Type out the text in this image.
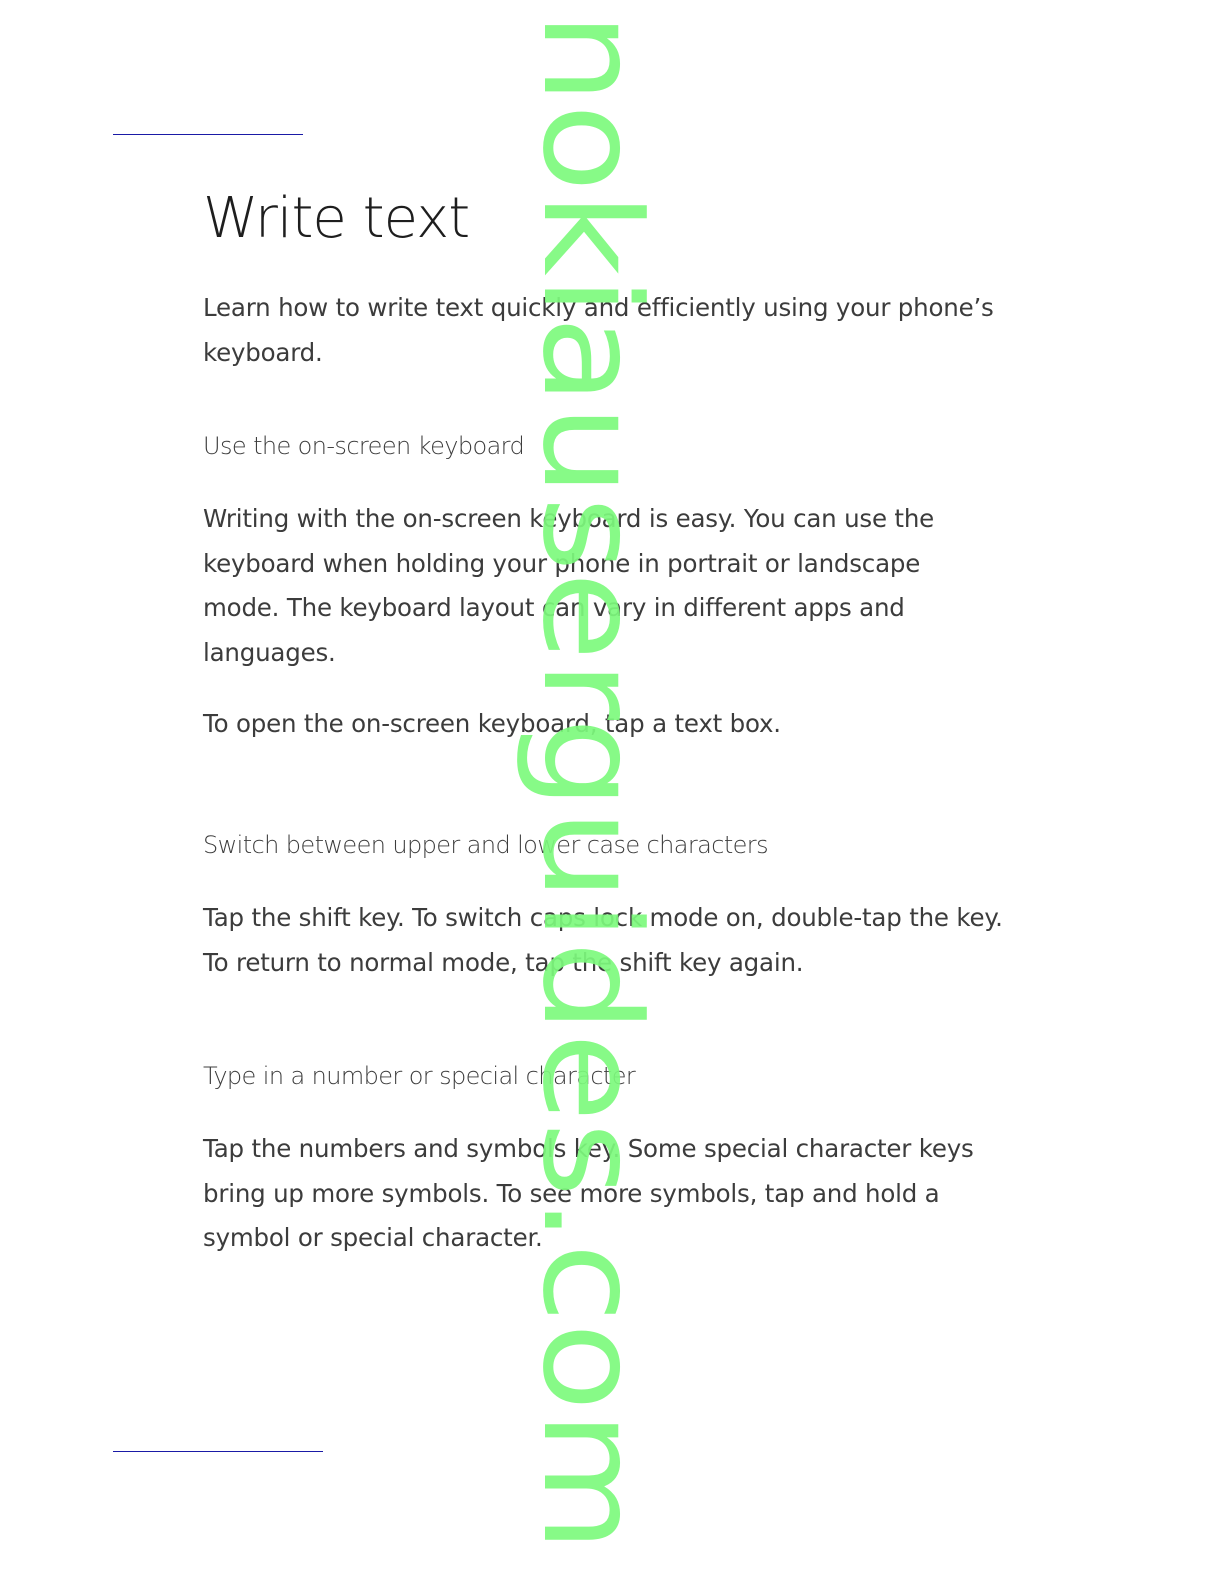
Write text

Learn how to write text quickly and efficiently using your phone’s keyboard.

Use the on-screen keyboard

Writing with the on-screen keyboard is easy. You can use the keyboard when holding your phone in portrait or landscape mode. The keyboard layout can vary in different apps and languages.

To open the on-screen keyboard, tap a text box.

Switch between upper and lower case characters

Tap the shift key. To switch caps lock mode on, double-tap the key. To return to normal mode, tap the shift key again.

Type in a number or special character

Tap the numbers and symbols key. Some special character keys bring up more symbols. To see more symbols, tap and hold a symbol or special character.

nokiauserguides.com
